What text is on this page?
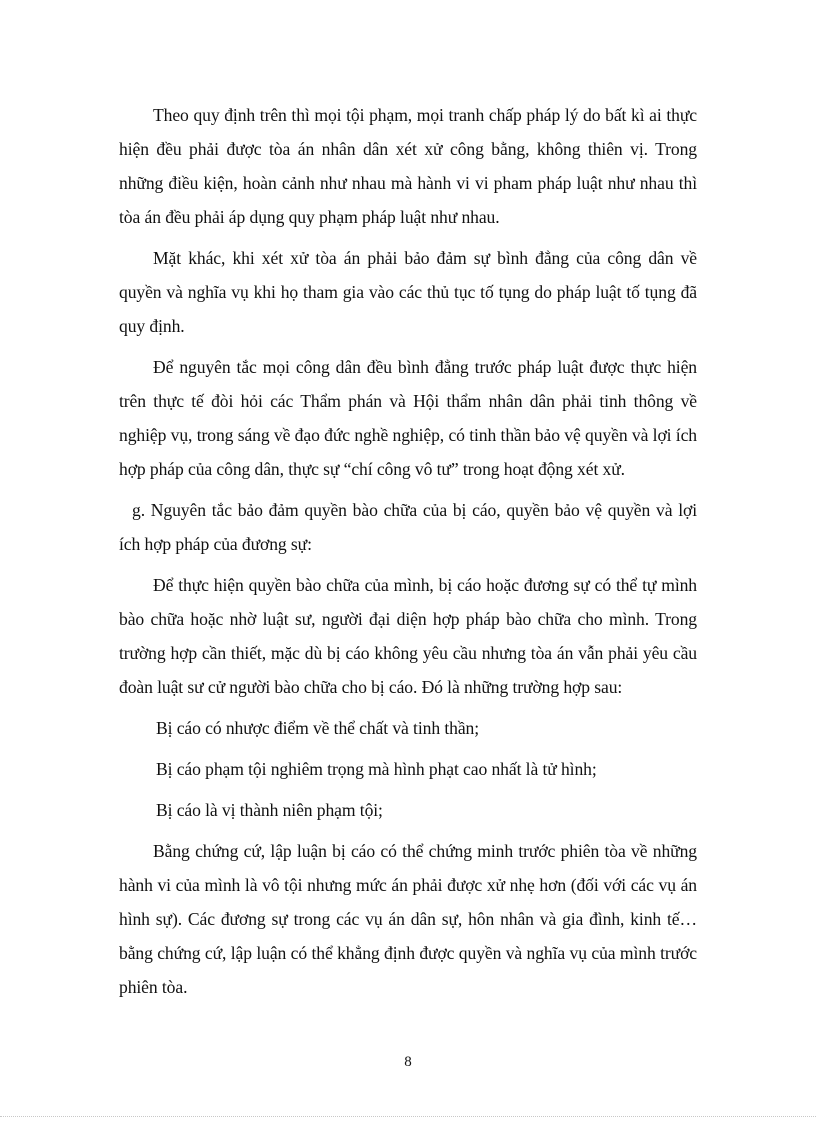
Theo quy định trên thì mọi tội phạm, mọi tranh chấp pháp lý do bất kì ai thực hiện đều phải được tòa án nhân dân xét xử công bằng, không thiên vị. Trong những điều kiện, hoàn cảnh như nhau mà hành vi vi pham pháp luật như nhau thì tòa án đều phải áp dụng quy phạm pháp luật như nhau.

Mặt khác, khi xét xử tòa án phải bảo đảm sự bình đẳng của công dân về quyền và nghĩa vụ khi họ tham gia vào các thủ tục tố tụng do pháp luật tố tụng đã quy định.

Để nguyên tắc mọi công dân đều bình đẳng trước pháp luật được thực hiện trên thực tế đòi hỏi các Thẩm phán và Hội thẩm nhân dân phải tinh thông về nghiệp vụ, trong sáng về đạo đức nghề nghiệp, có tinh thần bảo vệ quyền và lợi ích hợp pháp của công dân, thực sự “chí công vô tư” trong hoạt động xét xử.

g. Nguyên tắc bảo đảm quyền bào chữa của bị cáo, quyền bảo vệ quyền và lợi ích hợp pháp của đương sự:

Để thực hiện quyền bào chữa của mình, bị cáo hoặc đương sự có thể tự mình bào chữa hoặc nhờ luật sư, người đại diện hợp pháp bào chữa cho mình. Trong trường hợp cần thiết, mặc dù bị cáo không yêu cầu nhưng tòa án vẫn phải yêu cầu đoàn luật sư cử người bào chữa cho bị cáo. Đó là những trường hợp sau:

Bị cáo có nhược điểm về thể chất và tinh thần;

Bị cáo phạm tội nghiêm trọng mà hình phạt cao nhất là tử hình;

Bị cáo là vị thành niên phạm tội;

Bằng chứng cứ, lập luận bị cáo có thể chứng minh trước phiên tòa về những hành vi của mình là vô tội nhưng mức án phải được xử nhẹ hơn (đối với các vụ án hình sự). Các đương sự trong các vụ án dân sự, hôn nhân và gia đình, kinh tế… bằng chứng cứ, lập luận có thể khẳng định được quyền và nghĩa vụ của mình trước phiên tòa.

8
